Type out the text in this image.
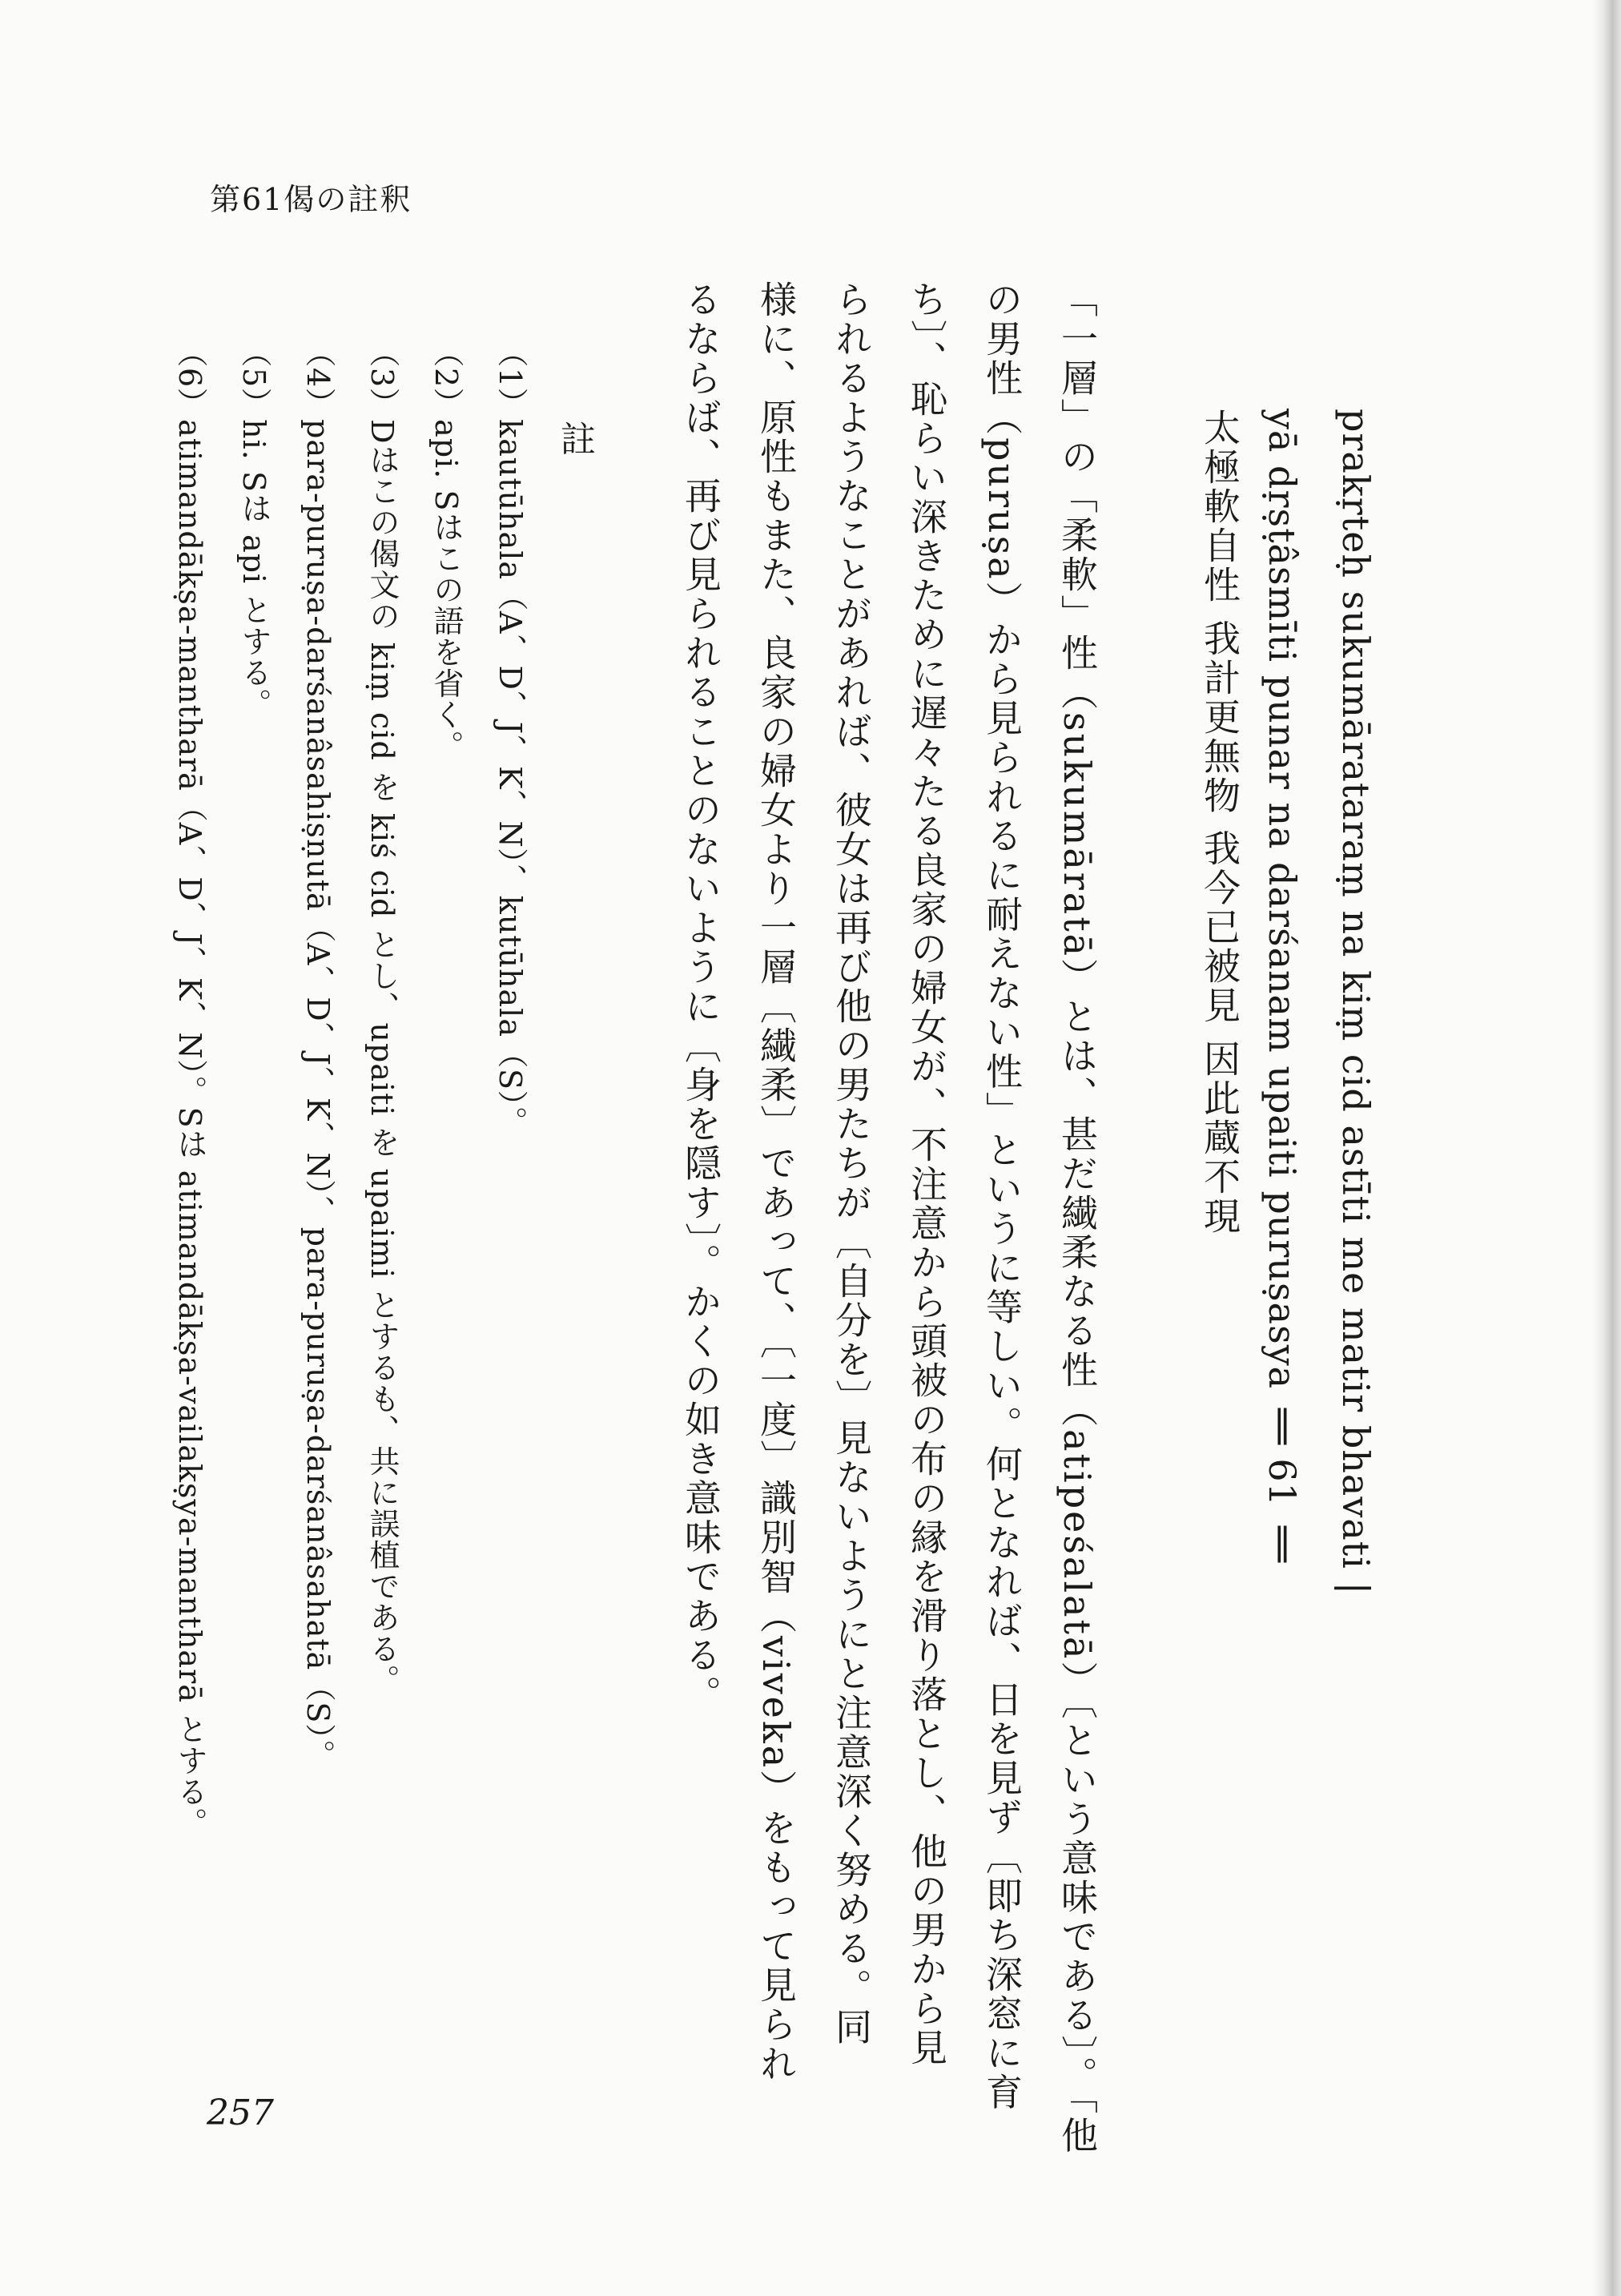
第61偈の註釈
prakṛteḥ sukumāratarаṃ na kiṃ cid astīti me matir bhavati |
yā dṛṣṭâsmīti punar na darśanam upaiti puruṣasya ‖ 61 ‖
太極軟自性 我計更無物 我今已被見 因此蔵不現
「一層」の「柔軟」性（sukumāratā）とは、甚だ繊柔なる性（atipeśalatā）〔という意味である〕。「他
の男性（puruṣa）から見られるに耐えない性」というに等しい。何となれば、日を見ず〔即ち深窓に育
ち〕、恥らい深きために遅々たる良家の婦女が、不注意から頭被の布の縁を滑り落とし、他の男から見
られるようなことがあれば、彼女は再び他の男たちが〔自分を〕見ないようにと注意深く努める。同
様に、原性もまた、良家の婦女より一層〔繊柔〕であって、〔一度〕識別智（viveka）をもって見られ
るならば、再び見られることのないように〔身を隠す〕。かくの如き意味である。
註
（1）kautūhala（A、D、J、K、N）、kutūhala（S）。
（2）api. Sはこの語を省く。
（3）Dはこの偈文の kiṃ cid を kiś cid とし、upaiti を upaimi とするも、共に誤植である。
（4）para-puruṣa-darśanâsahiṣṇutā（A、D、J、K、N）、para-puruṣa-darśanâsahatā（S）。
（5）hi. Sは api とする。
（6）atimandākṣa-mantharā（A、D、J、K、N）。Sは atimandākṣa-vailakṣya-mantharā とする。
257
